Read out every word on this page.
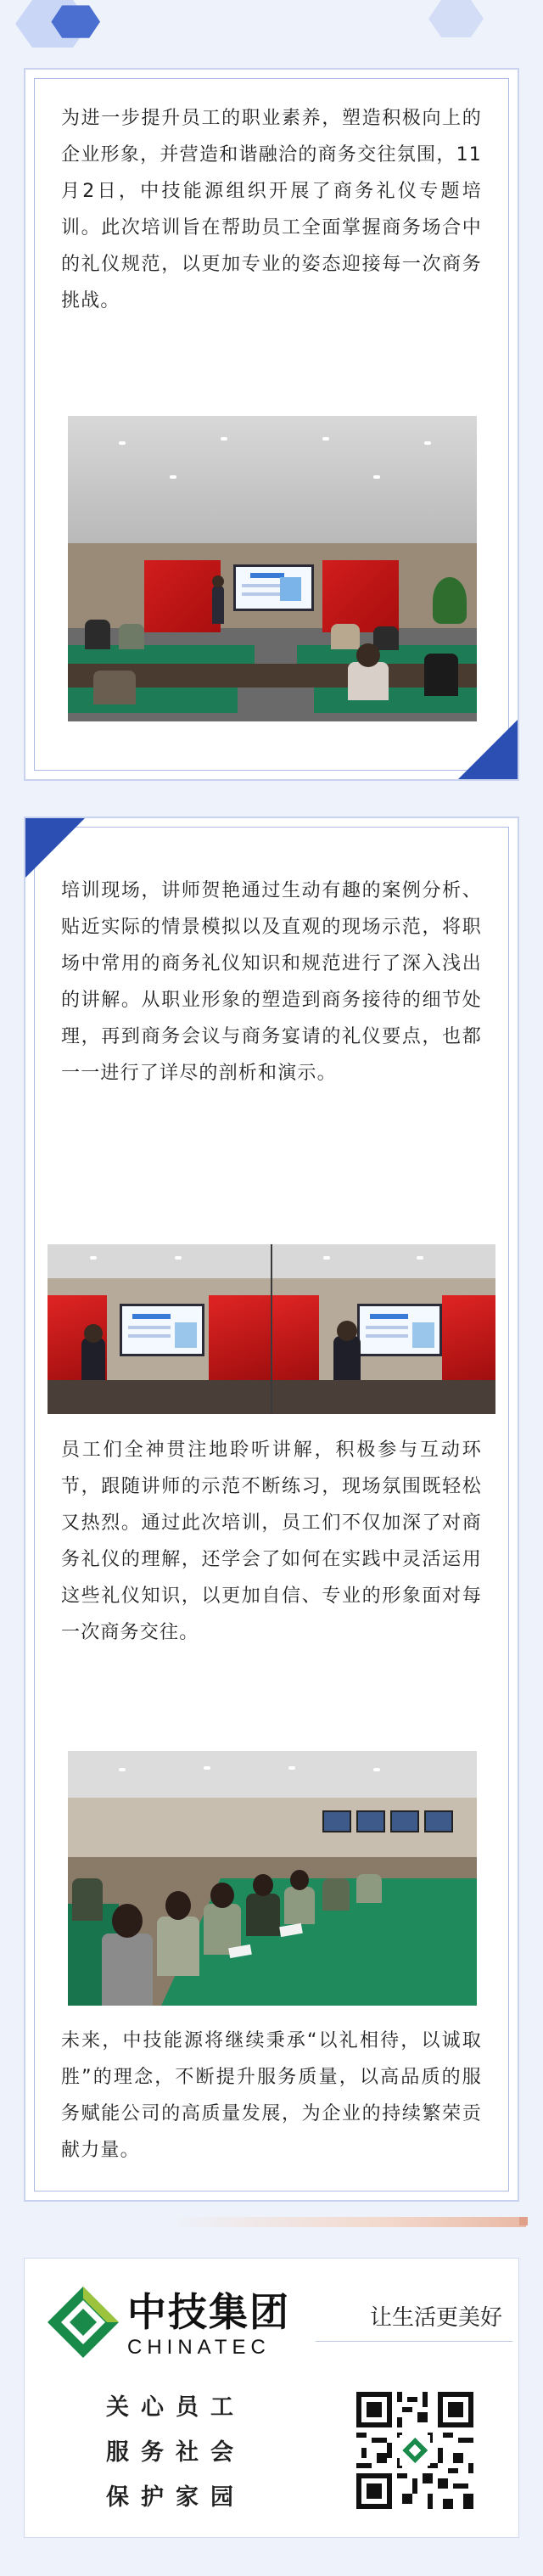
为进一步提升员工的职业素养，塑造积极向上的企业形象，并营造和谐融洽的商务交往氛围，11月2日，中技能源组织开展了商务礼仪专题培训。此次培训旨在帮助员工全面掌握商务场合中的礼仪规范，以更加专业的姿态迎接每一次商务挑战。

培训现场，讲师贺艳通过生动有趣的案例分析、贴近实际的情景模拟以及直观的现场示范，将职场中常用的商务礼仪知识和规范进行了深入浅出的讲解。从职业形象的塑造到商务接待的细节处理，再到商务会议与商务宴请的礼仪要点，也都一一进行了详尽的剖析和演示。

员工们全神贯注地聆听讲解，积极参与互动环节，跟随讲师的示范不断练习，现场氛围既轻松又热烈。通过此次培训，员工们不仅加深了对商务礼仪的理解，还学会了如何在实践中灵活运用这些礼仪知识，以更加自信、专业的形象面对每一次商务交往。

未来，中技能源将继续秉承“以礼相待，以诚取胜”的理念，不断提升服务质量，以高品质的服务赋能公司的高质量发展，为企业的持续繁荣贡献力量。

中技集团
CHINATEC
让生活更美好
关心员工
服务社会
保护家园
